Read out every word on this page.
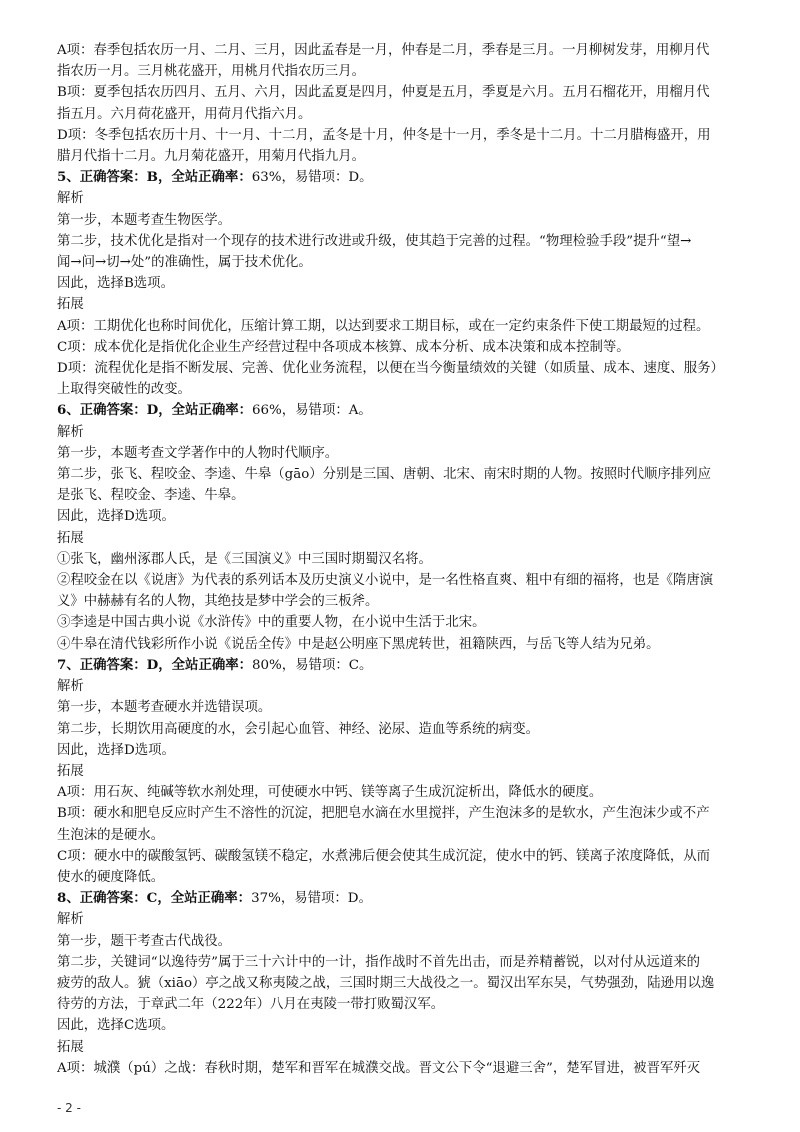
A项：春季包括农历一月、二月、三月，因此孟春是一月，仲春是二月，季春是三月。一月柳树发芽，用柳月代
指农历一月。三月桃花盛开，用桃月代指农历三月。
B项：夏季包括农历四月、五月、六月，因此孟夏是四月，仲夏是五月，季夏是六月。五月石榴花开，用榴月代
指五月。六月荷花盛开，用荷月代指六月。
D项：冬季包括农历十月、十一月、十二月，孟冬是十月，仲冬是十一月，季冬是十二月。十二月腊梅盛开，用
腊月代指十二月。九月菊花盛开，用菊月代指九月。
5、正确答案：B，全站正确率：63%，易错项：D。
解析
第一步，本题考查生物医学。
第二步，技术优化是指对一个现存的技术进行改进或升级，使其趋于完善的过程。“物理检验手段”提升“望→
闻→问→切→处”的准确性，属于技术优化。
因此，选择B选项。
拓展
A项：工期优化也称时间优化，压缩计算工期，以达到要求工期目标，或在一定约束条件下使工期最短的过程。
C项：成本优化是指优化企业生产经营过程中各项成本核算、成本分析、成本决策和成本控制等。
D项：流程优化是指不断发展、完善、优化业务流程，以便在当今衡量绩效的关键（如质量、成本、速度、服务）
上取得突破性的改变。
6、正确答案：D，全站正确率：66%，易错项：A。
解析
第一步，本题考查文学著作中的人物时代顺序。
第二步，张飞、程咬金、李逵、牛皋（gāo）分别是三国、唐朝、北宋、南宋时期的人物。按照时代顺序排列应
是张飞、程咬金、李逵、牛皋。
因此，选择D选项。
拓展
①张飞，幽州涿郡人氏，是《三国演义》中三国时期蜀汉名将。
②程咬金在以《说唐》为代表的系列话本及历史演义小说中，是一名性格直爽、粗中有细的福将，也是《隋唐演
义》中赫赫有名的人物，其绝技是梦中学会的三板斧。
③李逵是中国古典小说《水浒传》中的重要人物，在小说中生活于北宋。
④牛皋在清代钱彩所作小说《说岳全传》中是赵公明座下黑虎转世，祖籍陕西，与岳飞等人结为兄弟。
7、正确答案：D，全站正确率：80%，易错项：C。
解析
第一步，本题考查硬水并选错误项。
第二步，长期饮用高硬度的水，会引起心血管、神经、泌尿、造血等系统的病变。
因此，选择D选项。
拓展
A项：用石灰、纯碱等软水剂处理，可使硬水中钙、镁等离子生成沉淀析出，降低水的硬度。
B项：硬水和肥皂反应时产生不溶性的沉淀，把肥皂水滴在水里搅拌，产生泡沫多的是软水，产生泡沫少或不产
生泡沫的是硬水。
C项：硬水中的碳酸氢钙、碳酸氢镁不稳定，水煮沸后便会使其生成沉淀，使水中的钙、镁离子浓度降低，从而
使水的硬度降低。
8、正确答案：C，全站正确率：37%，易错项：D。
解析
第一步，题干考查古代战役。
第二步，关键词“以逸待劳”属于三十六计中的一计，指作战时不首先出击，而是养精蓄锐，以对付从远道来的
疲劳的敌人。猇（xiāo）亭之战又称夷陵之战，三国时期三大战役之一。蜀汉出军东吴，气势强劲，陆逊用以逸
待劳的方法，于章武二年（222年）八月在夷陵一带打败蜀汉军。
因此，选择C选项。
拓展
A项：城濮（pú）之战：春秋时期，楚军和晋军在城濮交战。晋文公下令“退避三舍”，楚军冒进，被晋军歼灭
- 2 -
